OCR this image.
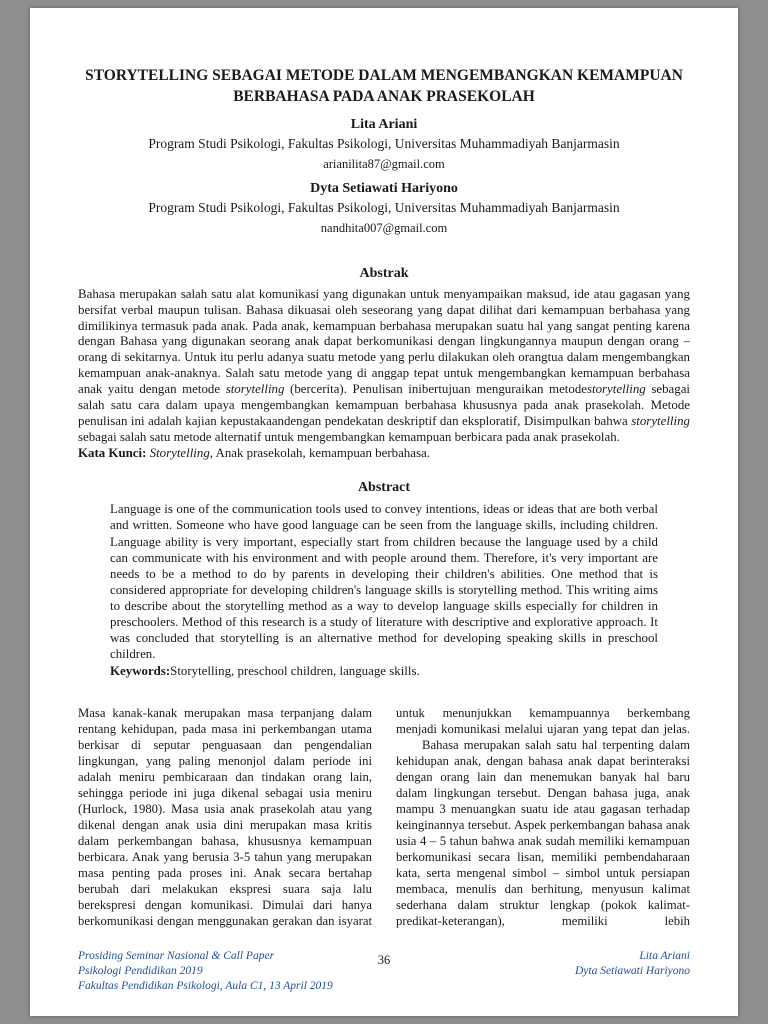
STORYTELLING SEBAGAI METODE DALAM MENGEMBANGKAN KEMAMPUAN BERBAHASA PADA ANAK PRASEKOLAH
Lita Ariani
Program Studi Psikologi, Fakultas Psikologi, Universitas Muhammadiyah Banjarmasin
arianilita87@gmail.com
Dyta Setiawati Hariyono
Program Studi Psikologi, Fakultas Psikologi, Universitas Muhammadiyah Banjarmasin
nandhita007@gmail.com
Abstrak

Bahasa merupakan salah satu alat komunikasi yang digunakan untuk menyampaikan maksud, ide atau gagasan yang bersifat verbal maupun tulisan. Bahasa dikuasai oleh seseorang yang dapat dilihat dari kemampuan berbahasa yang dimilikinya termasuk pada anak. Pada anak, kemampuan berbahasa merupakan suatu hal yang sangat penting karena dengan Bahasa yang digunakan seorang anak dapat berkomunikasi dengan lingkungannya maupun dengan orang – orang di sekitarnya. Untuk itu perlu adanya suatu metode yang perlu dilakukan oleh orangtua dalam mengembangkan kemampuan anak-anaknya. Salah satu metode yang di anggap tepat untuk mengembangkan kemampuan berbahasa anak yaitu dengan metode storytelling (bercerita). Penulisan inibertujuan menguraikan metodestorytelling sebagai salah satu cara dalam upaya mengembangkan kemampuan berbahasa khususnya pada anak prasekolah. Metode penulisan ini adalah kajian kepustakaandengan pendekatan deskriptif dan eksploratif, Disimpulkan bahwa storytelling sebagai salah satu metode alternatif untuk mengembangkan kemampuan berbicara pada anak prasekolah.

Kata Kunci: Storytelling, Anak prasekolah, kemampuan berbahasa.

Abstract

Language is one of the communication tools used to convey intentions, ideas or ideas that are both verbal and written. Someone who have good language can be seen from the language skills, including children. Language ability is very important, especially start from children because the language used by a child can communicate with his environment and with people around them. Therefore, it's very important are needs to be a method to do by parents in developing their children's abilities. One method that is considered appropriate for developing children's language skills is storytelling method. This writing aims to describe about the storytelling method as a way to develop language skills especially for children in preschoolers. Method of this research is a study of literature with descriptive and explorative approach. It was concluded that storytelling is an alternative method for developing speaking skills in preschool children.

Keywords:Storytelling, preschool children, language skills.

Masa kanak-kanak merupakan masa terpanjang dalam rentang kehidupan, pada masa ini perkembangan utama berkisar di seputar penguasaan dan pengendalian lingkungan, yang paling menonjol dalam periode ini adalah meniru pembicaraan dan tindakan orang lain, sehingga periode ini juga dikenal sebagai usia meniru (Hurlock, 1980). Masa usia anak prasekolah atau yang dikenal dengan anak usia dini merupakan masa kritis dalam perkembangan bahasa, khususnya kemampuan berbicara. Anak yang berusia 3-5 tahun yang merupakan masa penting pada proses ini. Anak secara bertahap berubah dari melakukan ekspresi suara saja lalu berekspresi dengan komunikasi. Dimulai dari hanya berkomunikasi dengan menggunakan gerakan dan isyarat

untuk menunjukkan kemampuannya berkembang menjadi komunikasi melalui ujaran yang tepat dan jelas.

Bahasa merupakan salah satu hal terpenting dalam kehidupan anak, dengan bahasa anak dapat berinteraksi dengan orang lain dan menemukan banyak hal baru dalam lingkungan tersebut. Dengan bahasa juga, anak mampu 3 menuangkan suatu ide atau gagasan terhadap keinginannya tersebut. Aspek perkembangan bahasa anak usia 4 – 5 tahun bahwa anak sudah memiliki kemampuan berkomunikasi secara lisan, memiliki pembendaharaan kata, serta mengenal simbol – simbol untuk persiapan membaca, menulis dan berhitung, menyusun kalimat sederhana dalam struktur lengkap (pokok kalimat- predikat-keterangan), memiliki lebih

Prosiding Seminar Nasional & Call Paper
Psikologi Pendidikan 2019
Fakultas Pendidikan Psikologi, Aula C1, 13 April 2019
36	Lita Ariani
Dyta Setiawati Hariyono
